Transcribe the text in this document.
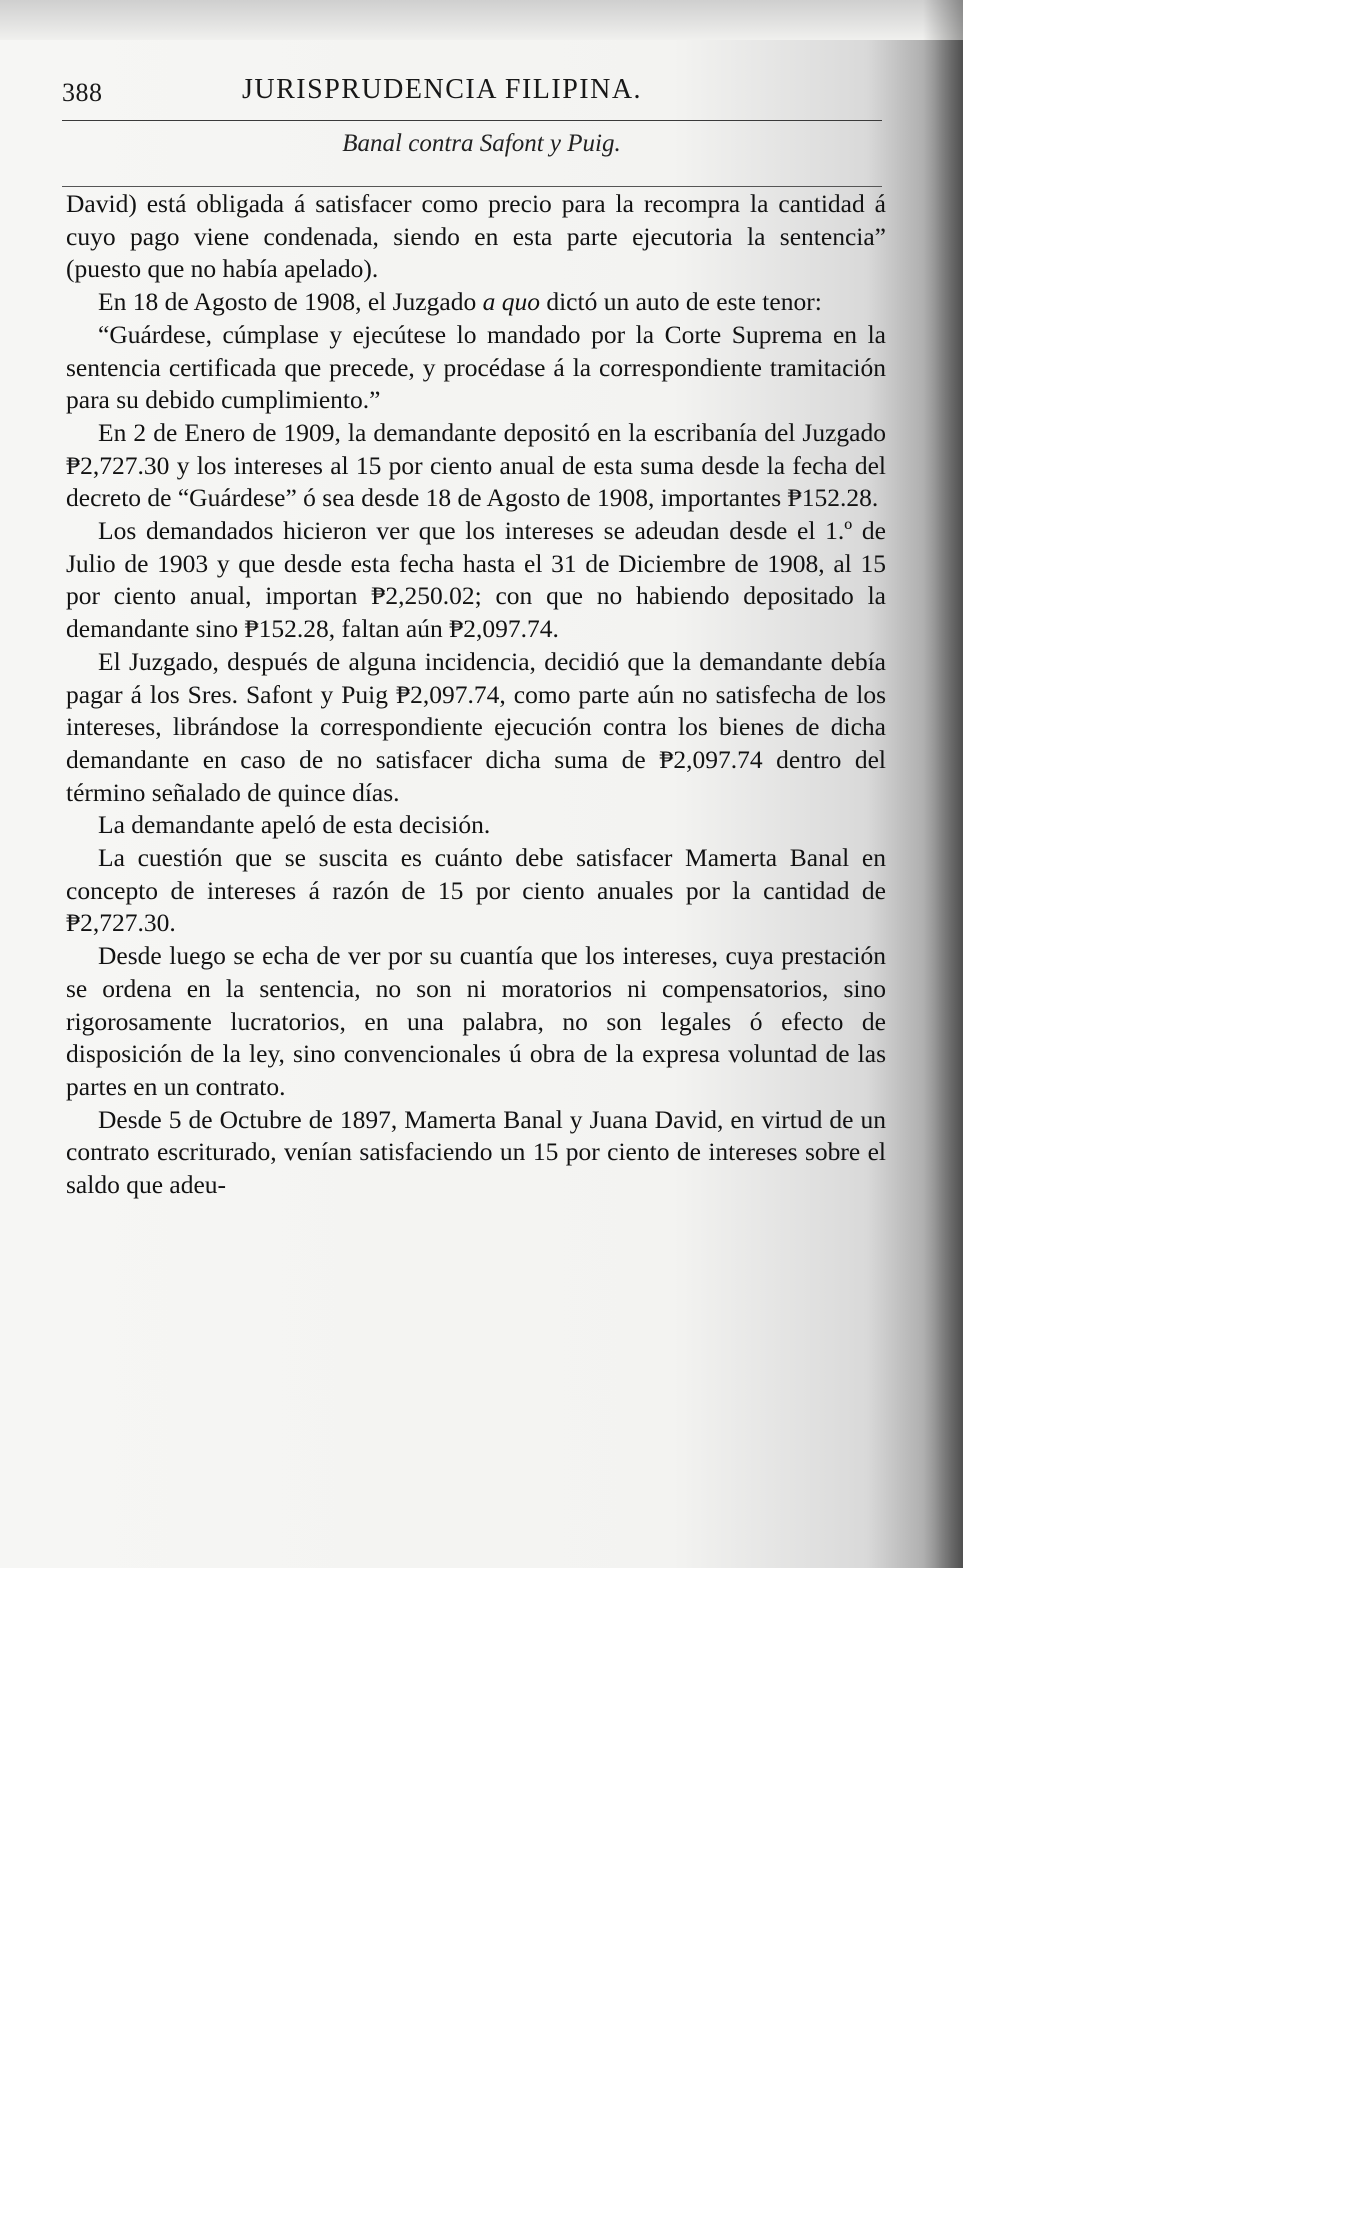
388	JURISPRUDENCIA FILIPINA.
Banal contra Safont y Puig.

David) está obligada á satisfacer como precio para la recompra la cantidad á cuyo pago viene condenada, siendo en esta parte ejecutoria la sentencia” (puesto que no había apelado).

En 18 de Agosto de 1908, el Juzgado a quo dictó un auto de este tenor:

“Guárdese, cúmplase y ejecútese lo mandado por la Corte Suprema en la sentencia certificada que precede, y procédase á la correspondiente tramitación para su debido cumplimiento.”

En 2 de Enero de 1909, la demandante depositó en la escribanía del Juzgado ₱2,727.30 y los intereses al 15 por ciento anual de esta suma desde la fecha del decreto de “Guárdese” ó sea desde 18 de Agosto de 1908, importantes ₱152.28.

Los demandados hicieron ver que los intereses se adeudan desde el 1.º de Julio de 1903 y que desde esta fecha hasta el 31 de Diciembre de 1908, al 15 por ciento anual, importan ₱2,250.02; con que no habiendo depositado la demandante sino ₱152.28, faltan aún ₱2,097.74.

El Juzgado, después de alguna incidencia, decidió que la demandante debía pagar á los Sres. Safont y Puig ₱2,097.74, como parte aún no satisfecha de los intereses, librándose la correspondiente ejecución contra los bienes de dicha demandante en caso de no satisfacer dicha suma de ₱2,097.74 dentro del término señalado de quince días.

La demandante apeló de esta decisión.

La cuestión que se suscita es cuánto debe satisfacer Mamerta Banal en concepto de intereses á razón de 15 por ciento anuales por la cantidad de ₱2,727.30.

Desde luego se echa de ver por su cuantía que los intereses, cuya prestación se ordena en la sentencia, no son ni moratorios ni compensatorios, sino rigorosamente lucratorios, en una palabra, no son legales ó efecto de disposición de la ley, sino convencionales ú obra de la expresa voluntad de las partes en un contrato.

Desde 5 de Octubre de 1897, Mamerta Banal y Juana David, en virtud de un contrato escriturado, venían satisfaciendo un 15 por ciento de intereses sobre el saldo que adeu-
